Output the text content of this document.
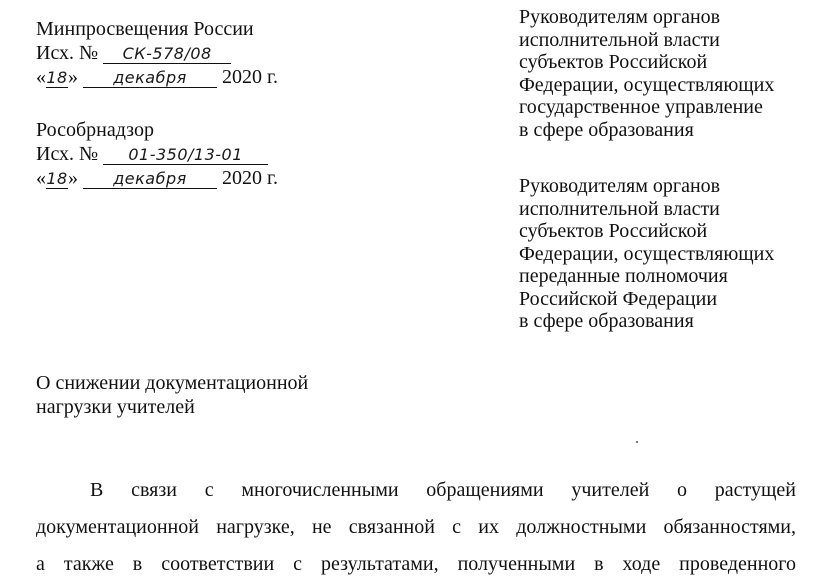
Минпросвещения России
Исх. № СК-578/08
«18» декабря 2020 г.
Рособрнадзор
Исх. № 01-350/13-01
«18» декабря 2020 г.
Руководителям органов
исполнительной власти
субъектов Российской
Федерации, осуществляющих
государственное управление
в сфере образования
Руководителям органов
исполнительной власти
субъектов Российской
Федерации, осуществляющих
переданные полномочия
Российской Федерации
в сфере образования
О снижении документационной
нагрузки учителей
В связи с многочисленными обращениями учителей о растущей
документационной нагрузке, не связанной с их должностными обязанностями,
а также в соответствии с результатами, полученными в ходе проведенного
